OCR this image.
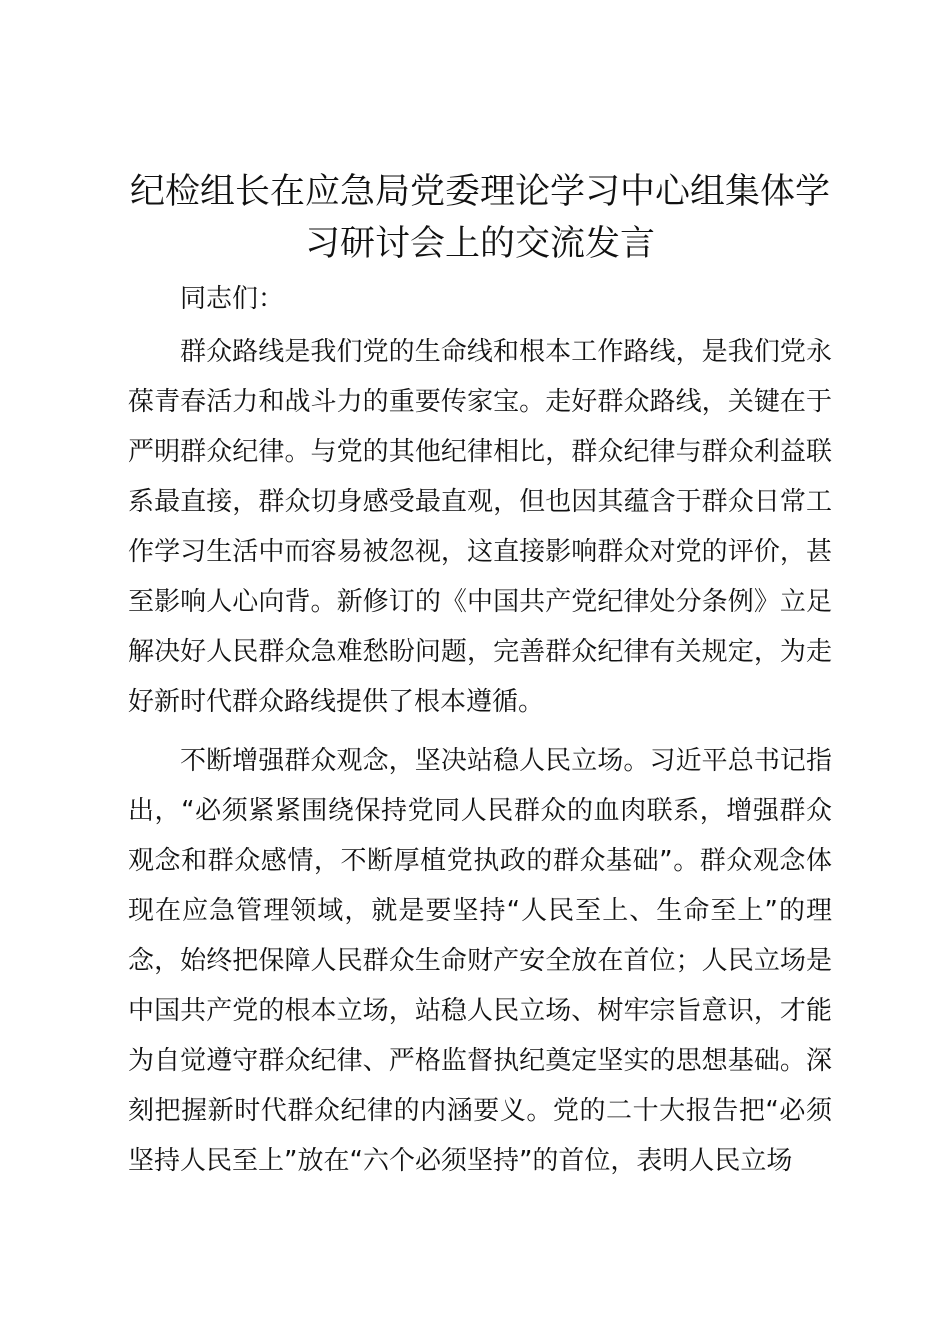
纪检组长在应急局党委理论学习中心组集体学习研讨会上的交流发言

同志们：

群众路线是我们党的生命线和根本工作路线，是我们党永葆青春活力和战斗力的重要传家宝。走好群众路线，关键在于严明群众纪律。与党的其他纪律相比，群众纪律与群众利益联系最直接，群众切身感受最直观，但也因其蕴含于群众日常工作学习生活中而容易被忽视，这直接影响群众对党的评价，甚至影响人心向背。新修订的《中国共产党纪律处分条例》立足解决好人民群众急难愁盼问题，完善群众纪律有关规定，为走好新时代群众路线提供了根本遵循。

不断增强群众观念，坚决站稳人民立场。习近平总书记指出，“必须紧紧围绕保持党同人民群众的血肉联系，增强群众观念和群众感情，不断厚植党执政的群众基础”。群众观念体现在应急管理领域，就是要坚持“人民至上、生命至上”的理念，始终把保障人民群众生命财产安全放在首位；人民立场是中国共产党的根本立场，站稳人民立场、树牢宗旨意识，才能为自觉遵守群众纪律、严格监督执纪奠定坚实的思想基础。深刻把握新时代群众纪律的内涵要义。党的二十大报告把“必须坚持人民至上”放在“六个必须坚持”的首位，表明人民立场
